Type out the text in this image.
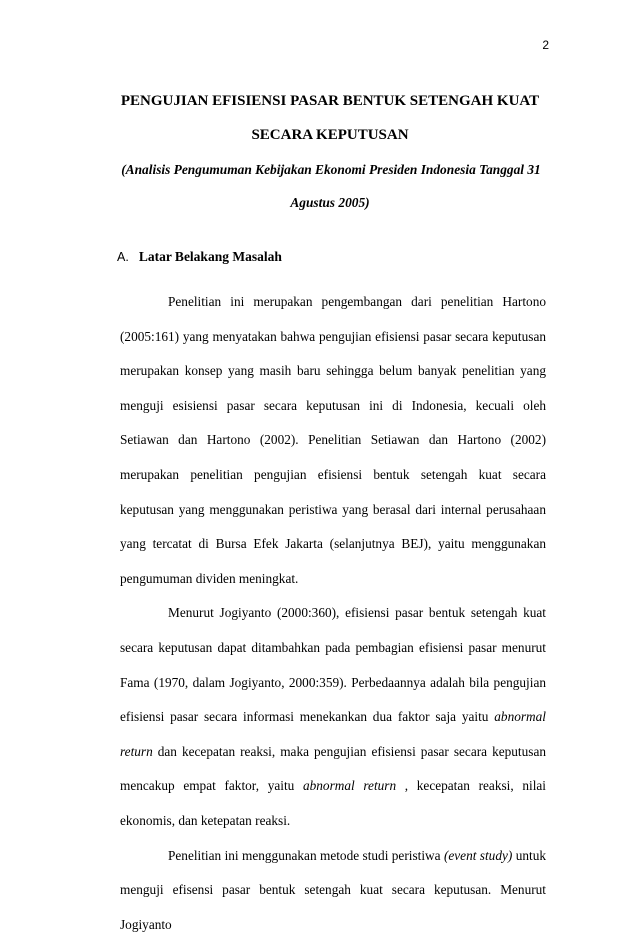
2
PENGUJIAN EFISIENSI PASAR BENTUK SETENGAH KUAT
SECARA KEPUTUSAN
(Analisis Pengumuman Kebijakan Ekonomi Presiden Indonesia Tanggal 31
Agustus 2005)
A. Latar Belakang Masalah

Penelitian ini merupakan pengembangan dari penelitian Hartono (2005:161) yang menyatakan bahwa pengujian efisiensi pasar secara keputusan merupakan konsep yang masih baru sehingga belum banyak penelitian yang menguji esisiensi pasar secara keputusan ini di Indonesia, kecuali oleh Setiawan dan Hartono (2002). Penelitian Setiawan dan Hartono (2002) merupakan penelitian pengujian efisiensi bentuk setengah kuat secara keputusan yang menggunakan peristiwa yang berasal dari internal perusahaan yang tercatat di Bursa Efek Jakarta (selanjutnya BEJ), yaitu menggunakan pengumuman dividen meningkat.

Menurut Jogiyanto (2000:360), efisiensi pasar bentuk setengah kuat secara keputusan dapat ditambahkan pada pembagian efisiensi pasar menurut Fama (1970, dalam Jogiyanto, 2000:359). Perbedaannya adalah bila pengujian efisiensi pasar secara informasi menekankan dua faktor saja yaitu abnormal return dan kecepatan reaksi, maka pengujian efisiensi pasar secara keputusan mencakup empat faktor, yaitu abnormal return , kecepatan reaksi, nilai ekonomis, dan ketepatan reaksi.

Penelitian ini menggunakan metode studi peristiwa (event study) untuk menguji efisensi pasar bentuk setengah kuat secara keputusan. Menurut Jogiyanto
